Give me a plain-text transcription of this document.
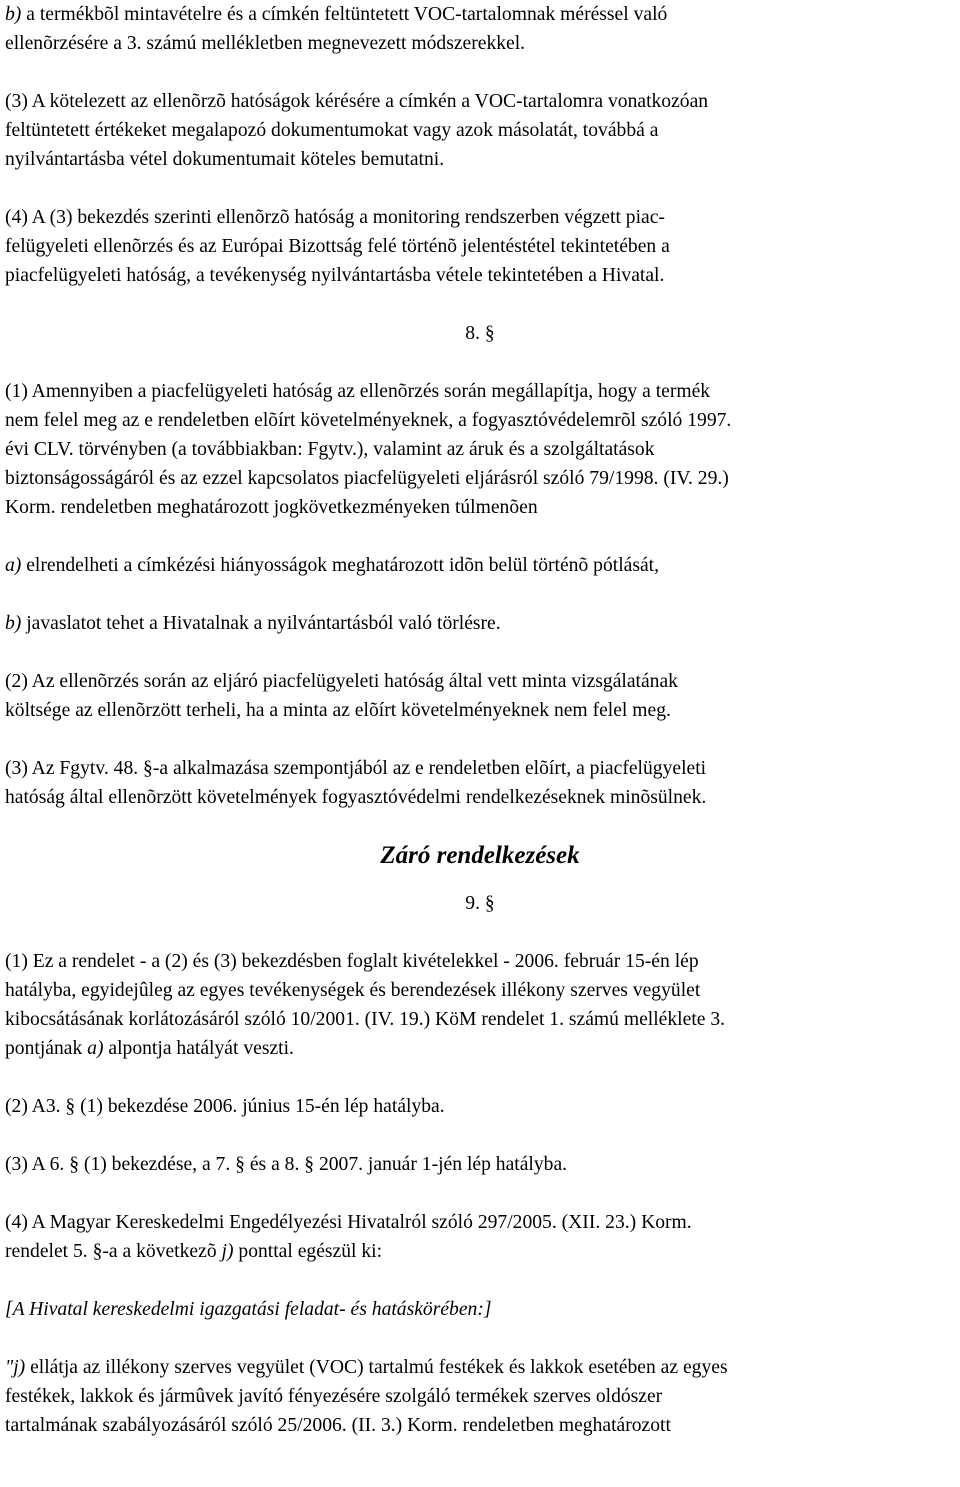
b) a termékbõl mintavételre és a címkén feltüntetett VOC-tartalomnak méréssel való
ellenõrzésére a 3. számú mellékletben megnevezett módszerekkel.

(3) A kötelezett az ellenõrzõ hatóságok kérésére a címkén a VOC-tartalomra vonatkozóan
feltüntetett értékeket megalapozó dokumentumokat vagy azok másolatát, továbbá a
nyilvántartásba vétel dokumentumait köteles bemutatni.

(4) A (3) bekezdés szerinti ellenõrzõ hatóság a monitoring rendszerben végzett piac-
felügyeleti ellenõrzés és az Európai Bizottság felé történõ jelentéstétel tekintetében a
piacfelügyeleti hatóság, a tevékenység nyilvántartásba vétele tekintetében a Hivatal.

8. §

(1) Amennyiben a piacfelügyeleti hatóság az ellenõrzés során megállapítja, hogy a termék
nem felel meg az e rendeletben elõírt követelményeknek, a fogyasztóvédelemrõl szóló 1997.
évi CLV. törvényben (a továbbiakban: Fgytv.), valamint az áruk és a szolgáltatások
biztonságosságáról és az ezzel kapcsolatos piacfelügyeleti eljárásról szóló 79/1998. (IV. 29.)
Korm. rendeletben meghatározott jogkövetkezményeken túlmenõen

a) elrendelheti a címkézési hiányosságok meghatározott idõn belül történõ pótlását,

b) javaslatot tehet a Hivatalnak a nyilvántartásból való törlésre.

(2) Az ellenõrzés során az eljáró piacfelügyeleti hatóság által vett minta vizsgálatának
költsége az ellenõrzött terheli, ha a minta az elõírt követelményeknek nem felel meg.

(3) Az Fgytv. 48. §-a alkalmazása szempontjából az e rendeletben elõírt, a piacfelügyeleti
hatóság által ellenõrzött követelmények fogyasztóvédelmi rendelkezéseknek minõsülnek.

Záró rendelkezések

9. §

(1) Ez a rendelet - a (2) és (3) bekezdésben foglalt kivételekkel - 2006. február 15-én lép
hatályba, egyidejûleg az egyes tevékenységek és berendezések illékony szerves vegyület
kibocsátásának korlátozásáról szóló 10/2001. (IV. 19.) KöM rendelet 1. számú melléklete 3.
pontjának a) alpontja hatályát veszti.

(2) A3. § (1) bekezdése 2006. június 15-én lép hatályba.

(3) A 6. § (1) bekezdése, a 7. § és a 8. § 2007. január 1-jén lép hatályba.

(4) A Magyar Kereskedelmi Engedélyezési Hivatalról szóló 297/2005. (XII. 23.) Korm.
rendelet 5. §-a a következõ j) ponttal egészül ki:

[A Hivatal kereskedelmi igazgatási feladat- és hatáskörében:]

"j) ellátja az illékony szerves vegyület (VOC) tartalmú festékek és lakkok esetében az egyes
festékek, lakkok és jármûvek javító fényezésére szolgáló termékek szerves oldószer
tartalmának szabályozásáról szóló 25/2006. (II. 3.) Korm. rendeletben meghatározott
